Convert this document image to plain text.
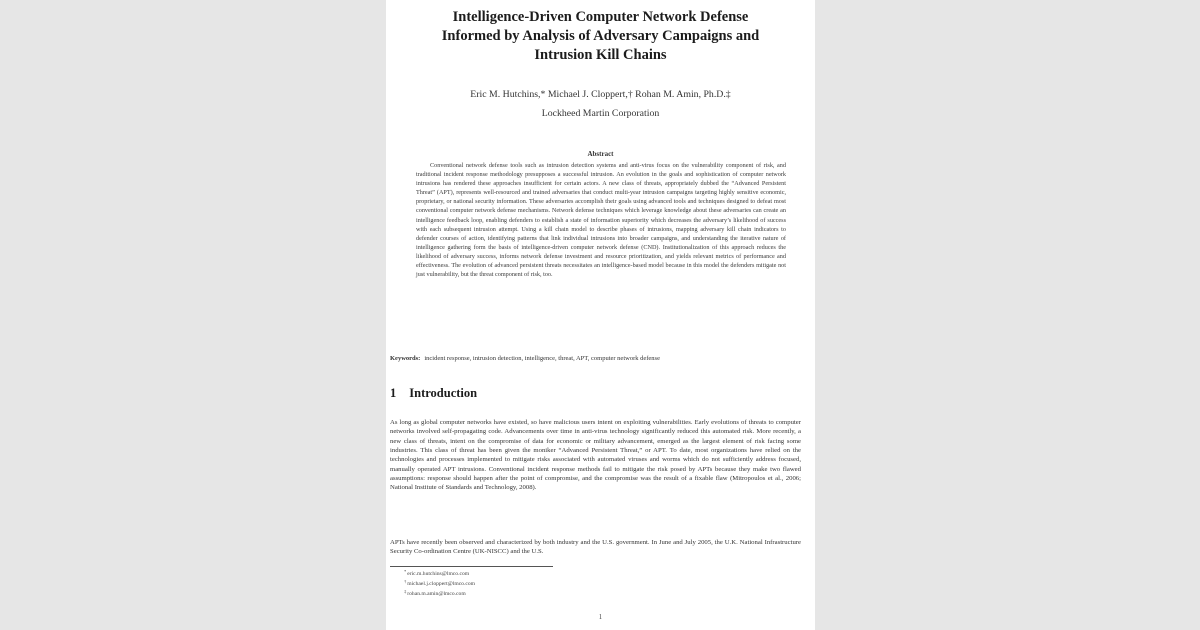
Intelligence-Driven Computer Network Defense
Informed by Analysis of Adversary Campaigns and
Intrusion Kill Chains
Eric M. Hutchins,* Michael J. Cloppert,† Rohan M. Amin, Ph.D.‡
Lockheed Martin Corporation
Abstract
Conventional network defense tools such as intrusion detection systems and anti-virus focus on the vulnerability component of risk, and traditional incident response methodology presupposes a successful intrusion. An evolution in the goals and sophistication of computer network intrusions has rendered these approaches insufficient for certain actors. A new class of threats, appropriately dubbed the “Advanced Persistent Threat” (APT), represents well-resourced and trained adversaries that conduct multi-year intrusion campaigns targeting highly sensitive economic, proprietary, or national security information. These adversaries accomplish their goals using advanced tools and techniques designed to defeat most conventional computer network defense mechanisms. Network defense techniques which leverage knowledge about these adversaries can create an intelligence feedback loop, enabling defenders to establish a state of information superiority which decreases the adversary’s likelihood of success with each subsequent intrusion attempt. Using a kill chain model to describe phases of intrusions, mapping adversary kill chain indicators to defender courses of action, identifying patterns that link individual intrusions into broader campaigns, and understanding the iterative nature of intelligence gathering form the basis of intelligence-driven computer network defense (CND). Institutionalization of this approach reduces the likelihood of adversary success, informs network defense investment and resource prioritization, and yields relevant metrics of performance and effectiveness. The evolution of advanced persistent threats necessitates an intelligence-based model because in this model the defenders mitigate not just vulnerability, but the threat component of risk, too.
Keywords: incident response, intrusion detection, intelligence, threat, APT, computer network defense
1 Introduction
As long as global computer networks have existed, so have malicious users intent on exploiting vulnerabilities. Early evolutions of threats to computer networks involved self-propagating code. Advancements over time in anti-virus technology significantly reduced this automated risk. More recently, a new class of threats, intent on the compromise of data for economic or military advancement, emerged as the largest element of risk facing some industries. This class of threat has been given the moniker “Advanced Persistent Threat,” or APT. To date, most organizations have relied on the technologies and processes implemented to mitigate risks associated with automated viruses and worms which do not sufficiently address focused, manually operated APT intrusions. Conventional incident response methods fail to mitigate the risk posed by APTs because they make two flawed assumptions: response should happen after the point of compromise, and the compromise was the result of a fixable flaw (Mitropoulos et al., 2006; National Institute of Standards and Technology, 2008).
APTs have recently been observed and characterized by both industry and the U.S. government. In June and July 2005, the U.K. National Infrastructure Security Co-ordination Centre (UK-NISCC) and the U.S.
*eric.m.hutchins@lmco.com
†michael.j.cloppert@lmco.com
‡rohan.m.amin@lmco.com
1
